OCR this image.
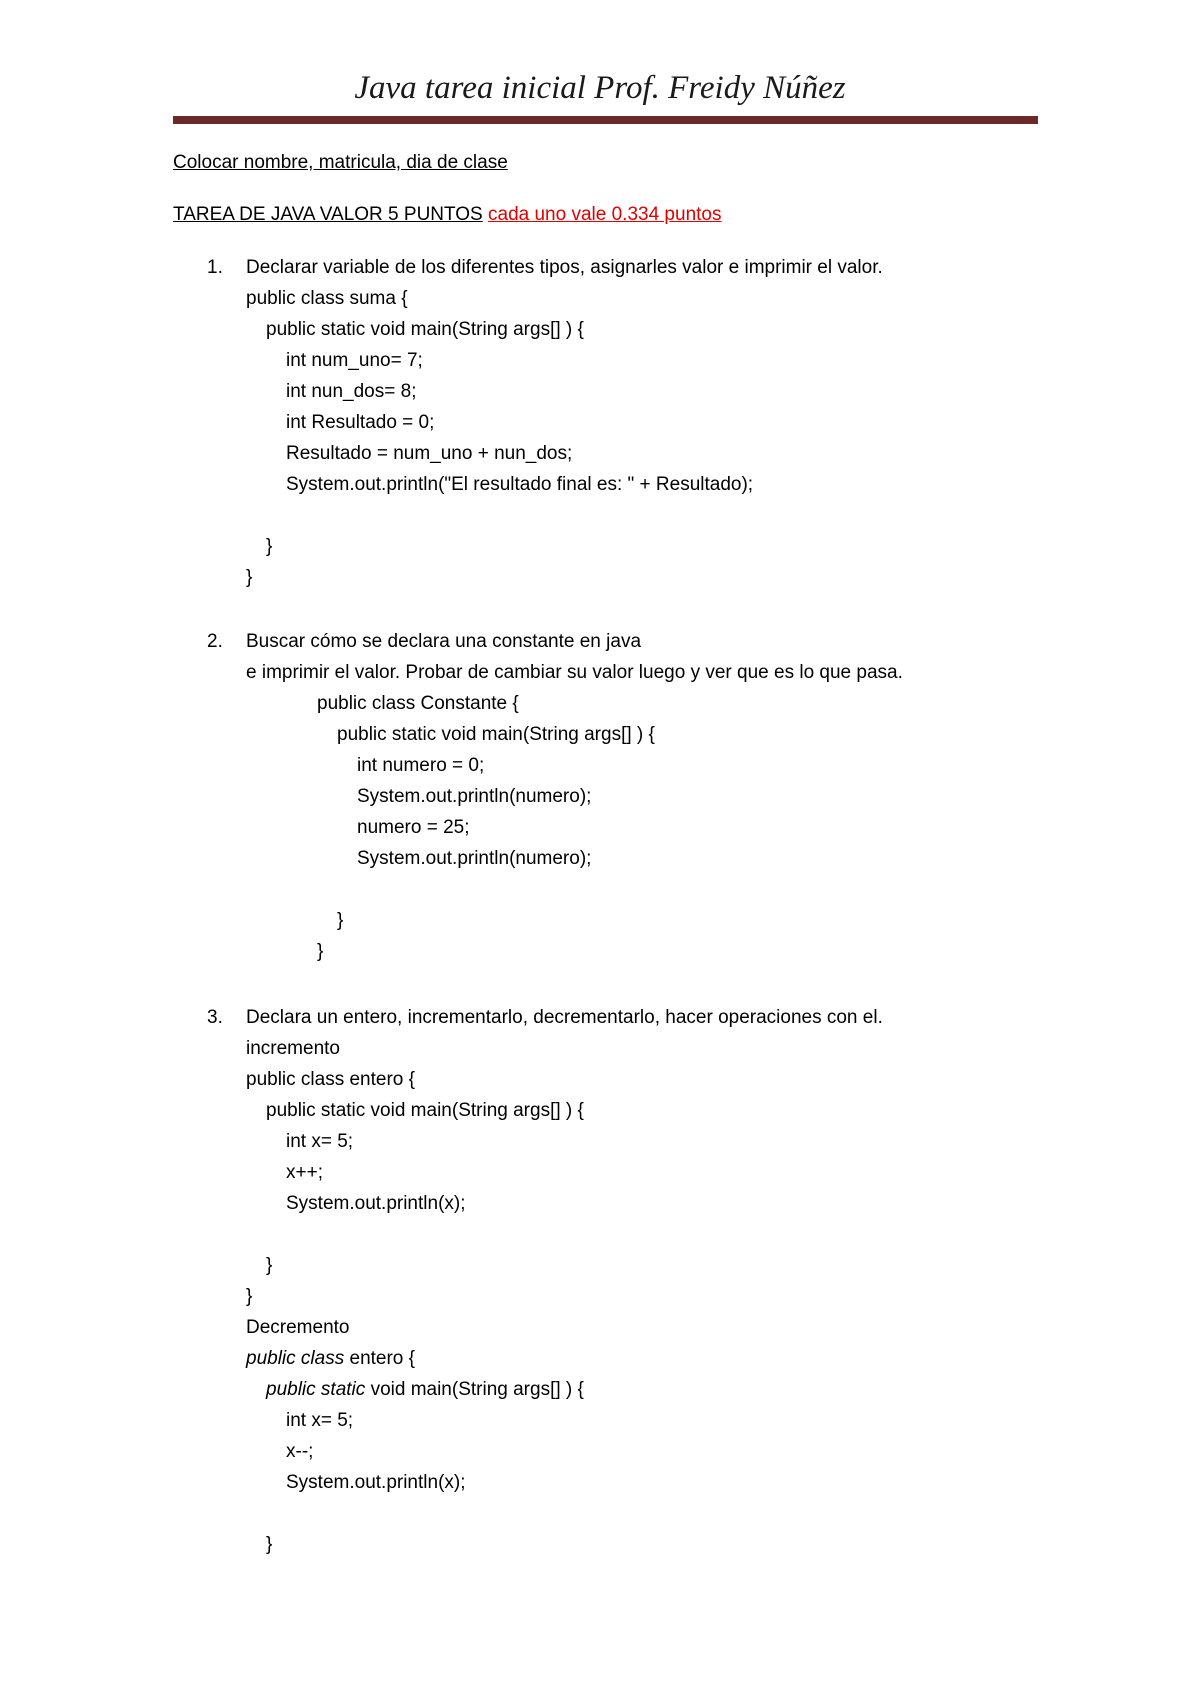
Java tarea inicial Prof. Freidy Núñez
Colocar nombre, matricula, dia de clase
TAREA DE JAVA VALOR 5 PUNTOS cada uno vale 0.334 puntos
1. Declarar variable de los diferentes tipos, asignarles valor e imprimir el valor.
public class suma {
public static void main(String args[] ) {
int num_uno= 7;
int nun_dos= 8;
int Resultado = 0;
Resultado = num_uno + nun_dos;
System.out.println("El resultado final es: " + Resultado);
}
}
2. Buscar cómo se declara una constante en java
e imprimir el valor. Probar de cambiar su valor luego y ver que es lo que pasa.
public class Constante {
public static void main(String args[] ) {
int numero = 0;
System.out.println(numero);
numero = 25;
System.out.println(numero);
}
}
3. Declara un entero, incrementarlo, decrementarlo, hacer operaciones con el.
incremento
public class entero {
public static void main(String args[] ) {
int x= 5;
x++;
System.out.println(x);
}
}
Decremento
public class entero {
public static void main(String args[] ) {
int x= 5;
x--;
System.out.println(x);
}
